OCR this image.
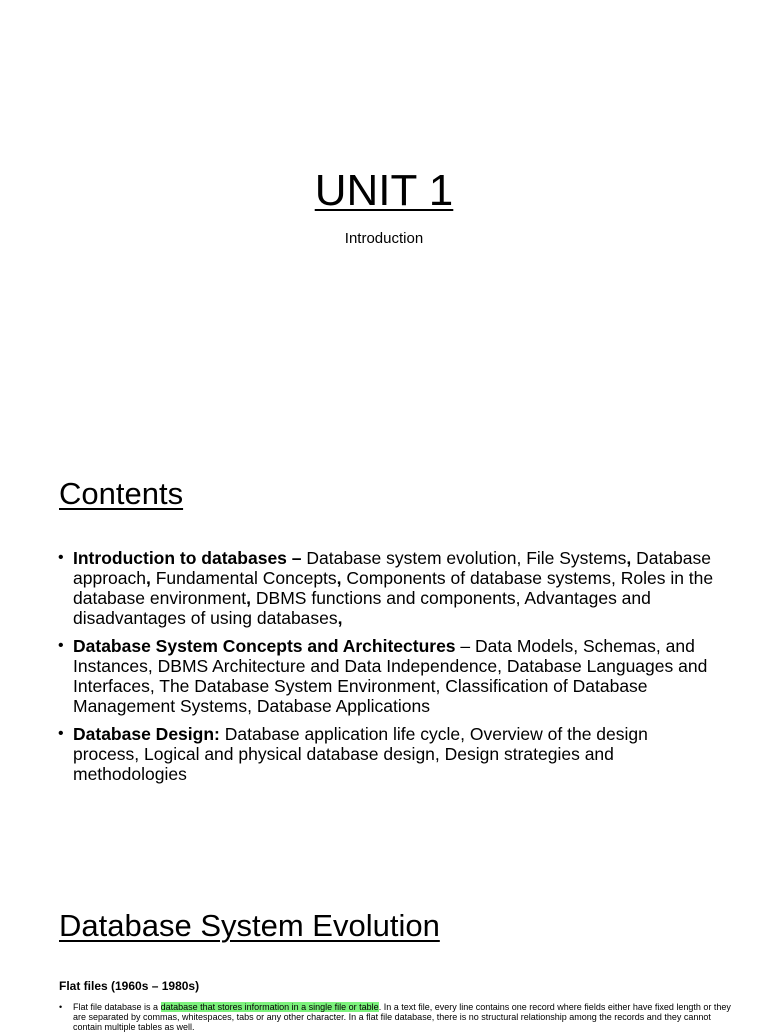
UNIT 1

Introduction

Contents
• Introduction to databases – Database system evolution, File Systems, Database approach, Fundamental Concepts, Components of database systems, Roles in the database environment, DBMS functions and components, Advantages and disadvantages of using databases,
• Database System Concepts and Architectures – Data Models, Schemas, and Instances, DBMS Architecture and Data Independence, Database Languages and Interfaces, The Database System Environment, Classification of Database Management Systems, Database Applications
• Database Design: Database application life cycle, Overview of the design process, Logical and physical database design, Design strategies and methodologies
Database System Evolution

Flat files (1960s – 1980s)

• Flat file database is a database that stores information in a single file or table. In a text file, every line contains one record where fields either have fixed length or they are separated by commas, whitespaces, tabs or any other character. In a flat file database, there is no structural relationship among the records and they cannot contain multiple tables as well.
